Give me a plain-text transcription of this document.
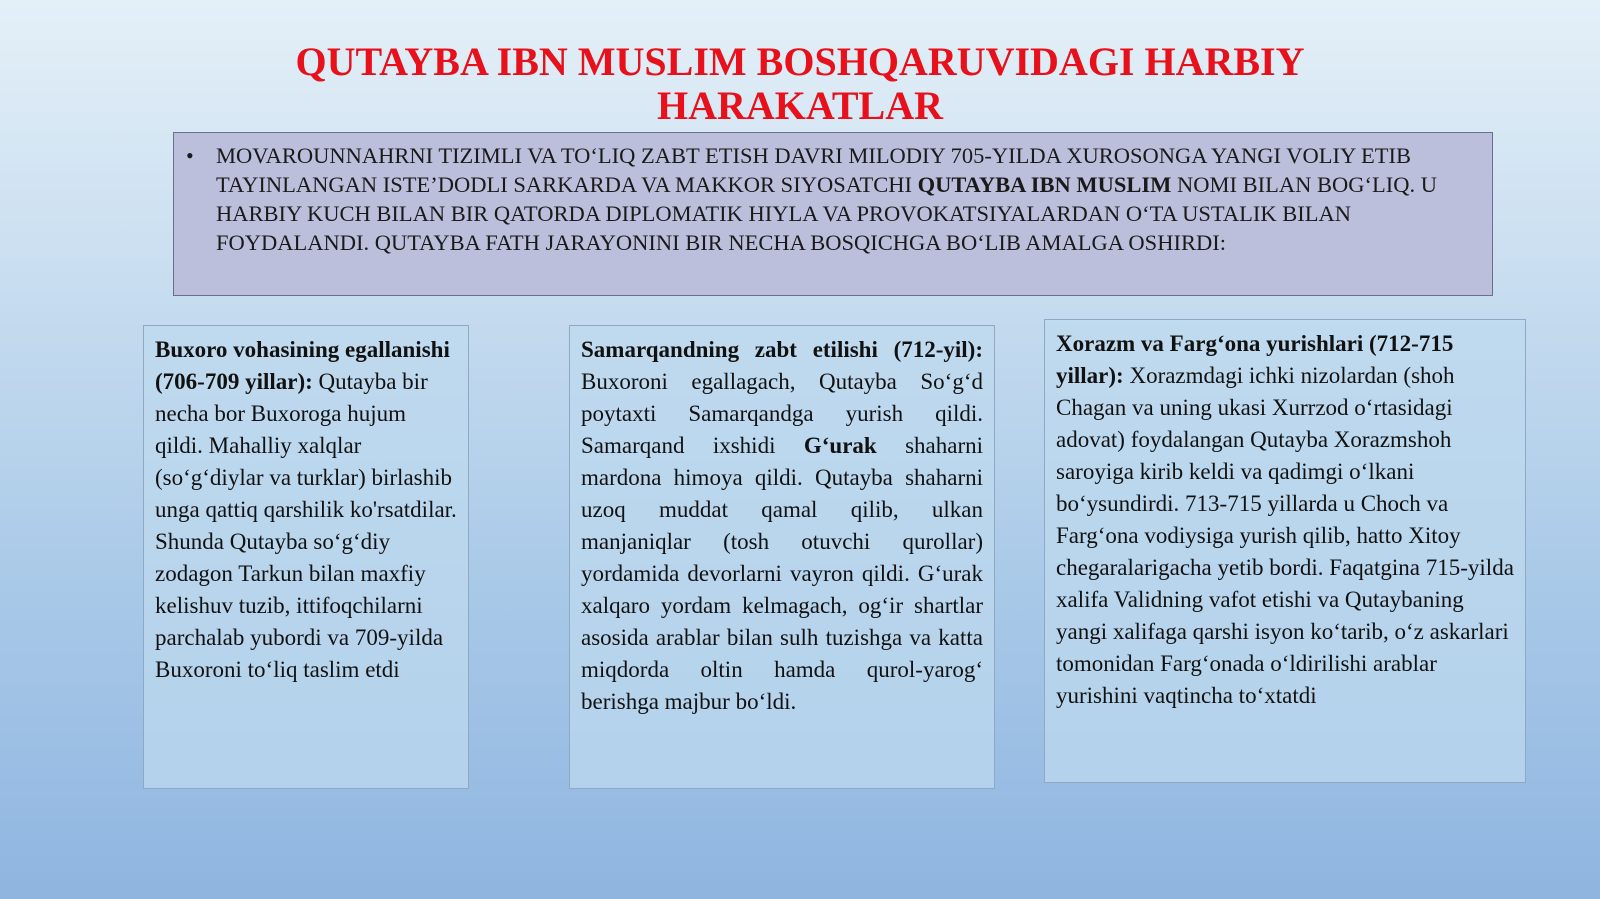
QUTAYBA IBN MUSLIM BOSHQARUVIDAGI HARBIY HARAKATLAR
• MOVAROUNNAHRNI TIZIMLI VA TO‘LIQ ZABT ETISH DAVRI MILODIY 705-YILDA XUROSONGA YANGI VOLIY ETIB TAYINLANGAN ISTE’DODLI SARKARDA VA MAKKOR SIYOSATCHI QUTAYBA IBN MUSLIM NOMI BILAN BOG‘LIQ. U HARBIY KUCH BILAN BIR QATORDA DIPLOMATIK HIYLA VA PROVOKATSIYALARDAN O‘TA USTALIK BILAN FOYDALANDI. QUTAYBA FATH JARAYONINI BIR NECHA BOSQICHGA BO‘LIB AMALGA OSHIRDI:
Buxoro vohasining egallanishi (706-709 yillar): Qutayba bir necha bor Buxoroga hujum qildi. Mahalliy xalqlar (so‘g‘diylar va turklar) birlashib unga qattiq qarshilik ko'rsatdilar. Shunda Qutayba so‘g‘diy zodagon Tarkun bilan maxfiy kelishuv tuzib, ittifoqchilarni parchalab yubordi va 709-yilda Buxoroni to‘liq taslim etdi
Samarqandning zabt etilishi (712-yil): Buxoroni egallagach, Qutayba So‘g‘d poytaxti Samarqandga yurish qildi. Samarqand ixshidi G‘urak shaharni mardona himoya qildi. Qutayba shaharni uzoq muddat qamal qilib, ulkan manjaniqlar (tosh otuvchi qurollar) yordamida devorlarni vayron qildi. G‘urak xalqaro yordam kelmagach, og‘ir shartlar asosida arablar bilan sulh tuzishga va katta miqdorda oltin hamda qurol-yarog‘ berishga majbur bo‘ldi.
Xorazm va Farg‘ona yurishlari (712-715 yillar): Xorazmdagi ichki nizolardan (shoh Chagan va uning ukasi Xurrzod o‘rtasidagi adovat) foydalangan Qutayba Xorazmshoh saroyiga kirib keldi va qadimgi o‘lkani bo‘ysundirdi. 713-715 yillarda u Choch va Farg‘ona vodiysiga yurish qilib, hatto Xitoy chegaralarigacha yetib bordi. Faqatgina 715-yilda xalifa Validning vafot etishi va Qutaybaning yangi xalifaga qarshi isyon ko‘tarib, o‘z askarlari tomonidan Farg‘onada o‘ldirilishi arablar yurishini vaqtincha to‘xtatdi
